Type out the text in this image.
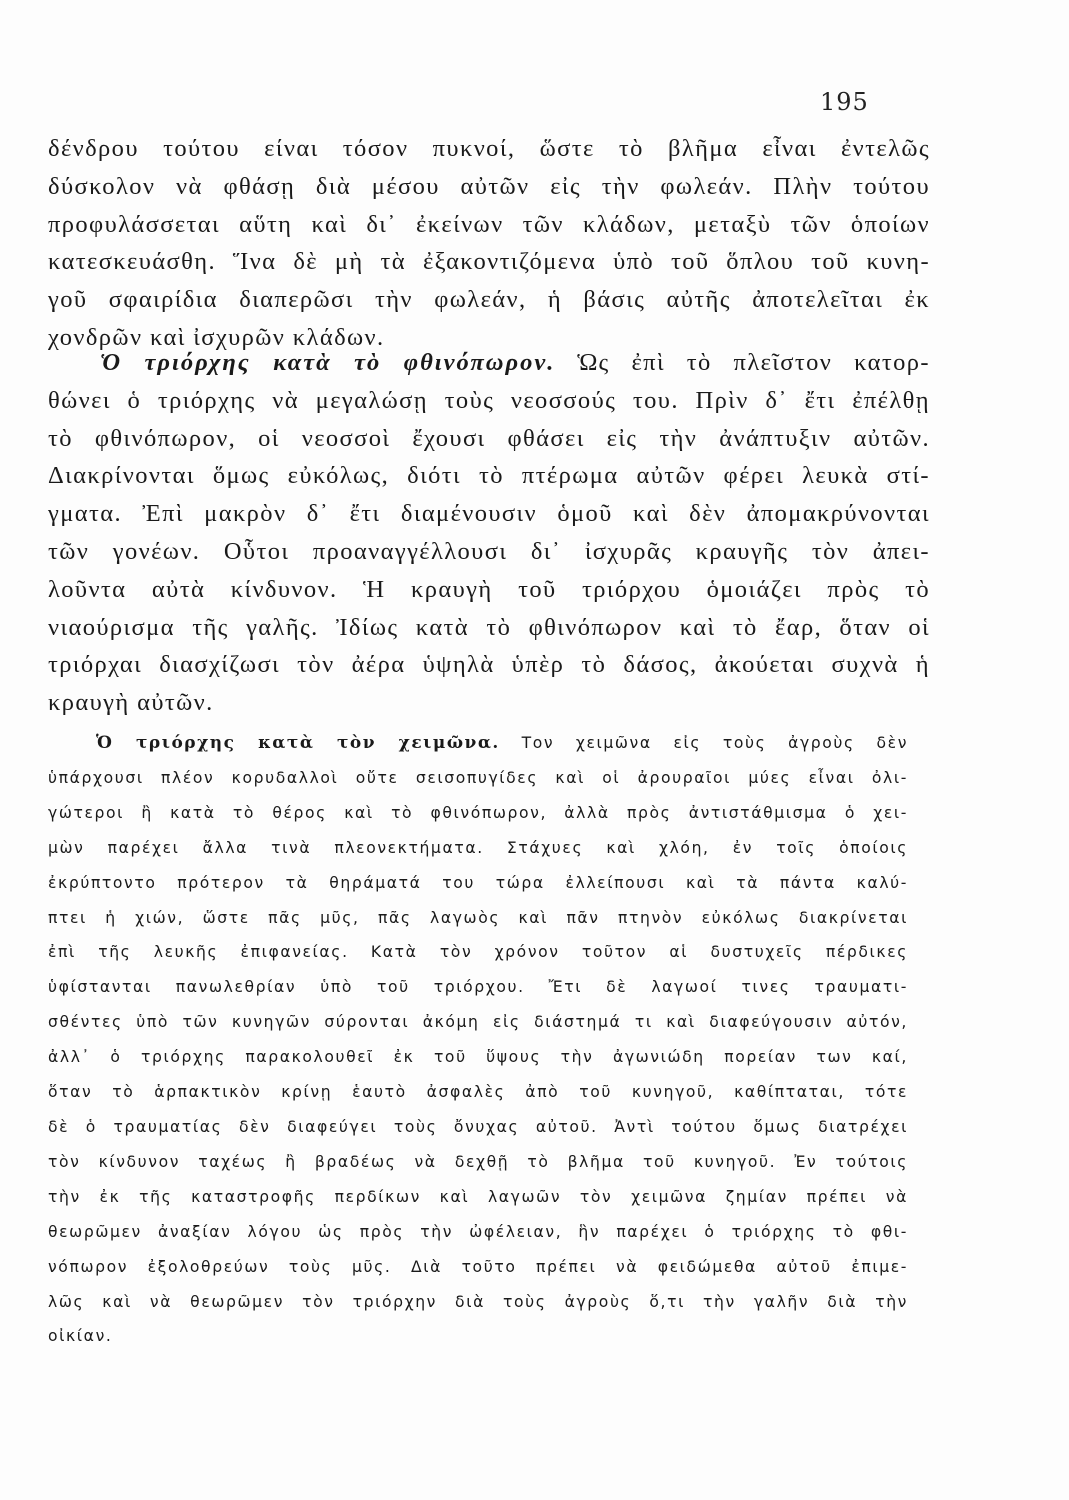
195
δένδρου τούτου είναι τόσον πυκνοί, ὥστε τὸ βλῆμα εἶναι ἐντελῶς
δύσκολον νὰ φθάσῃ διὰ μέσου αὐτῶν εἰς τὴν φωλεάν. Πλὴν τούτου
προφυλάσσεται αὕτη καὶ δι᾿ ἐκείνων τῶν κλάδων, μεταξὺ τῶν ὁποίων
κατεσκευάσθη. Ἵνα δὲ μὴ τὰ ἐξακοντιζόμενα ὑπὸ τοῦ ὅπλου τοῦ κυνη-
γοῦ σφαιρίδια διαπερῶσι τὴν φωλεάν, ἡ βάσις αὐτῆς ἀποτελεῖται ἐκ
χονδρῶν καὶ ἰσχυρῶν κλάδων.
Ὁ τριόρχης κατὰ τὸ φθινόπωρον. Ὡς ἐπὶ τὸ πλεῖστον κατορ-
θώνει ὁ τριόρχης νὰ μεγαλώσῃ τοὺς νεοσσούς του. Πρὶν δ᾿ ἔτι ἐπέλθῃ
τὸ φθινόπωρον, οἱ νεοσσοὶ ἔχουσι φθάσει εἰς τὴν ἀνάπτυξιν αὐτῶν.
Διακρίνονται ὅμως εὐκόλως, διότι τὸ πτέρωμα αὐτῶν φέρει λευκὰ στί-
γματα. Ἐπὶ μακρὸν δ᾿ ἔτι διαμένουσιν ὁμοῦ καὶ δὲν ἀπομακρύνονται
τῶν γονέων. Οὗτοι προαναγγέλλουσι δι᾿ ἰσχυρᾶς κραυγῆς τὸν ἀπει-
λοῦντα αὐτὰ κίνδυνον. Ἡ κραυγὴ τοῦ τριόρχου ὁμοιάζει πρὸς τὸ
νιαούρισμα τῆς γαλῆς. Ἰδίως κατὰ τὸ φθινόπωρον καὶ τὸ ἔαρ, ὅταν οἱ
τριόρχαι διασχίζωσι τὸν ἀέρα ὑψηλὰ ὑπὲρ τὸ δάσος, ἀκούεται συχνὰ ἡ
κραυγὴ αὐτῶν.
Ὁ τριόρχης κατὰ τὸν χειμῶνα. Τον χειμῶνα εἰς τοὺς ἀγροὺς δὲν
ὑπάρχουσι πλέον κορυδαλλοὶ οὔτε σεισοπυγίδες καὶ οἱ ἀρουραῖοι μύες εἶναι ὀλι-
γώτεροι ἢ κατὰ τὸ θέρος καὶ τὸ φθινόπωρον, ἀλλὰ πρὸς ἀντιστάθμισμα ὁ χει-
μὼν παρέχει ἄλλα τινὰ πλεονεκτήματα. Στάχυες καὶ χλόη, ἐν τοῖς ὁποίοις
ἐκρύπτοντο πρότερον τὰ θηράματά του τώρα ἐλλείπουσι καὶ τὰ πάντα καλύ-
πτει ἡ χιών, ὥστε πᾶς μῦς, πᾶς λαγωὸς καὶ πᾶν πτηνὸν εὐκόλως διακρίνεται
ἐπὶ τῆς λευκῆς ἐπιφανείας. Κατὰ τὸν χρόνον τοῦτον αἱ δυστυχεῖς πέρδικες
ὑφίστανται πανωλεθρίαν ὑπὸ τοῦ τριόρχου. Ἔτι δὲ λαγωοί τινες τραυματι-
σθέντες ὑπὸ τῶν κυνηγῶν σύρονται ἀκόμη εἰς διάστημά τι καὶ διαφεύγουσιν αὐτόν,
ἀλλ᾿ ὁ τριόρχης παρακολουθεῖ ἐκ τοῦ ὕψους τὴν ἀγωνιώδη πορείαν των καί,
ὅταν τὸ ἁρπακτικὸν κρίνῃ ἑαυτὸ ἀσφαλὲς ἀπὸ τοῦ κυνηγοῦ, καθίπταται, τότε
δὲ ὁ τραυματίας δὲν διαφεύγει τοὺς ὄνυχας αὐτοῦ. Ἀντὶ τούτου ὅμως διατρέχει
τὸν κίνδυνον ταχέως ἢ βραδέως νὰ δεχθῇ τὸ βλῆμα τοῦ κυνηγοῦ. Ἐν τούτοις
τὴν ἐκ τῆς καταστροφῆς περδίκων καὶ λαγωῶν τὸν χειμῶνα ζημίαν πρέπει νὰ
θεωρῶμεν ἀναξίαν λόγου ὡς πρὸς τὴν ὠφέλειαν, ἣν παρέχει ὁ τριόρχης τὸ φθι-
νόπωρον ἐξολοθρεύων τοὺς μῦς. Διὰ τοῦτο πρέπει νὰ φειδώμεθα αὐτοῦ ἐπιμε-
λῶς καὶ νὰ θεωρῶμεν τὸν τριόρχην διὰ τοὺς ἀγροὺς ὅ,τι τὴν γαλῆν διὰ τὴν
οἰκίαν.
